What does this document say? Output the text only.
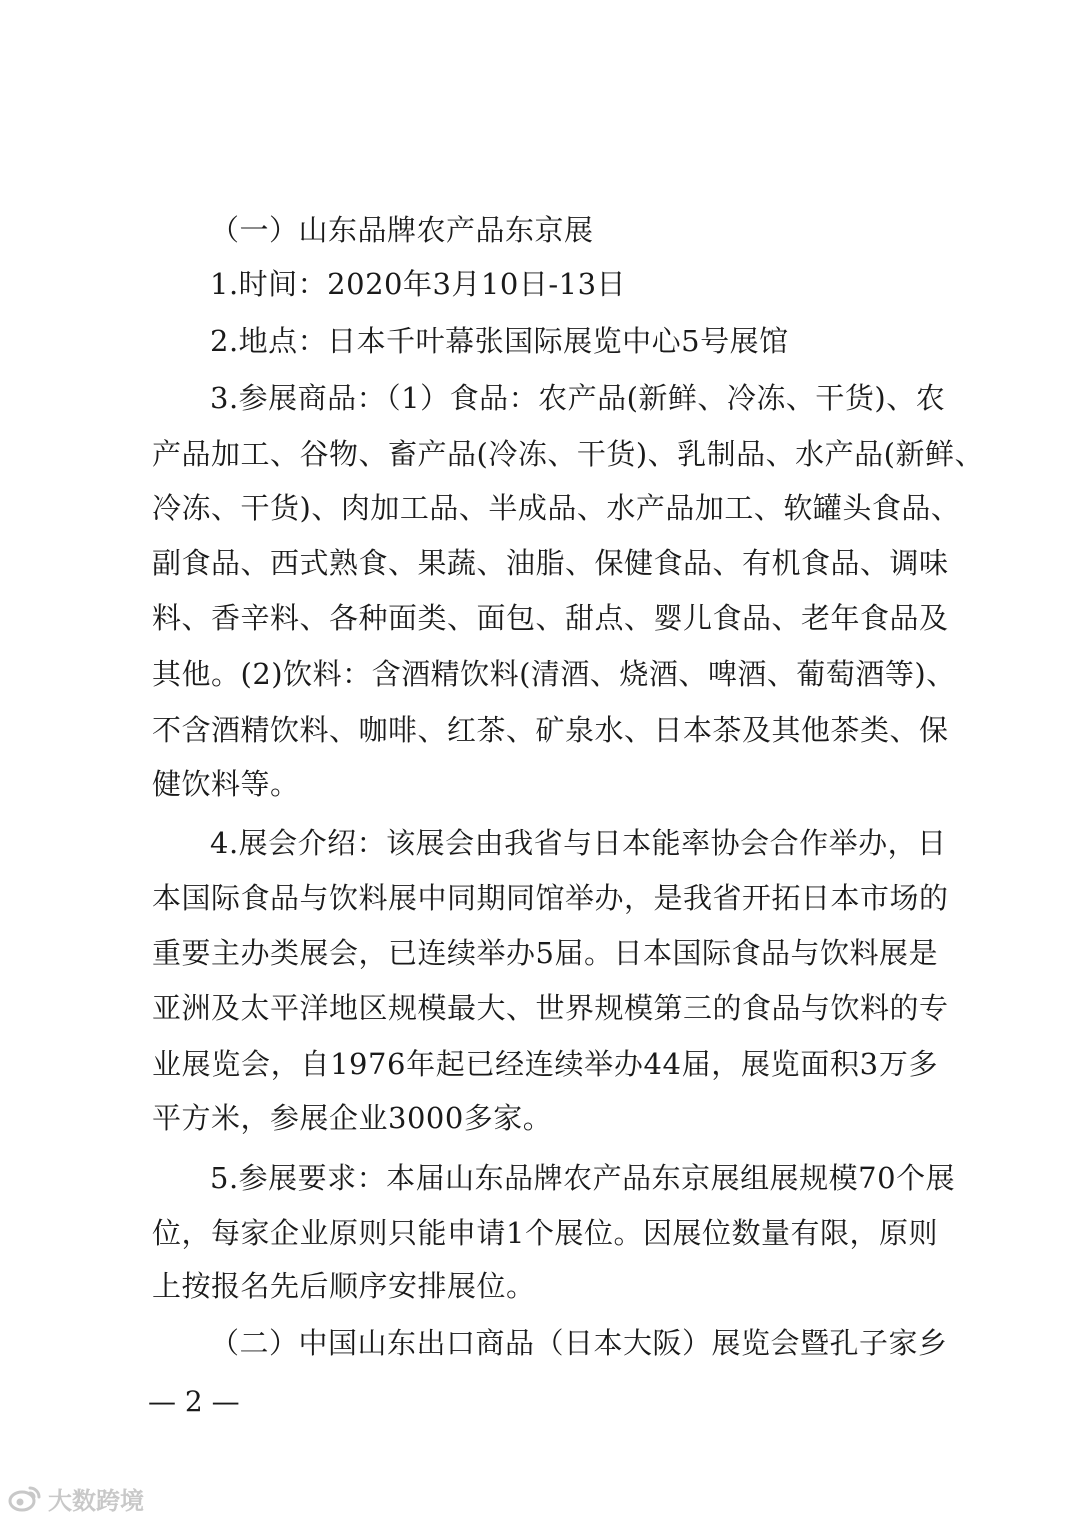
（一）山东品牌农产品东京展
1.时间：2020年3月10日-13日
2.地点：日本千叶幕张国际展览中心5号展馆
3.参展商品：（1）食品：农产品(新鲜、冷冻、干货)、农
产品加工、谷物、畜产品(冷冻、干货)、乳制品、水产品(新鲜、
冷冻、干货)、肉加工品、半成品、水产品加工、软罐头食品、
副食品、西式熟食、果蔬、油脂、保健食品、有机食品、调味
料、香辛料、各种面类、面包、甜点、婴儿食品、老年食品及
其他。(2)饮料：含酒精饮料(清酒、烧酒、啤酒、葡萄酒等)、
不含酒精饮料、咖啡、红茶、矿泉水、日本茶及其他茶类、保
健饮料等。
4.展会介绍：该展会由我省与日本能率协会合作举办，日
本国际食品与饮料展中同期同馆举办，是我省开拓日本市场的
重要主办类展会，已连续举办5届。日本国际食品与饮料展是
亚洲及太平洋地区规模最大、世界规模第三的食品与饮料的专
业展览会，自1976年起已经连续举办44届，展览面积3万多
平方米，参展企业3000多家。
5.参展要求：本届山东品牌农产品东京展组展规模70个展
位，每家企业原则只能申请1个展位。因展位数量有限，原则
上按报名先后顺序安排展位。
（二）中国山东出口商品（日本大阪）展览会暨孔子家乡
— 2 —
大数跨境
